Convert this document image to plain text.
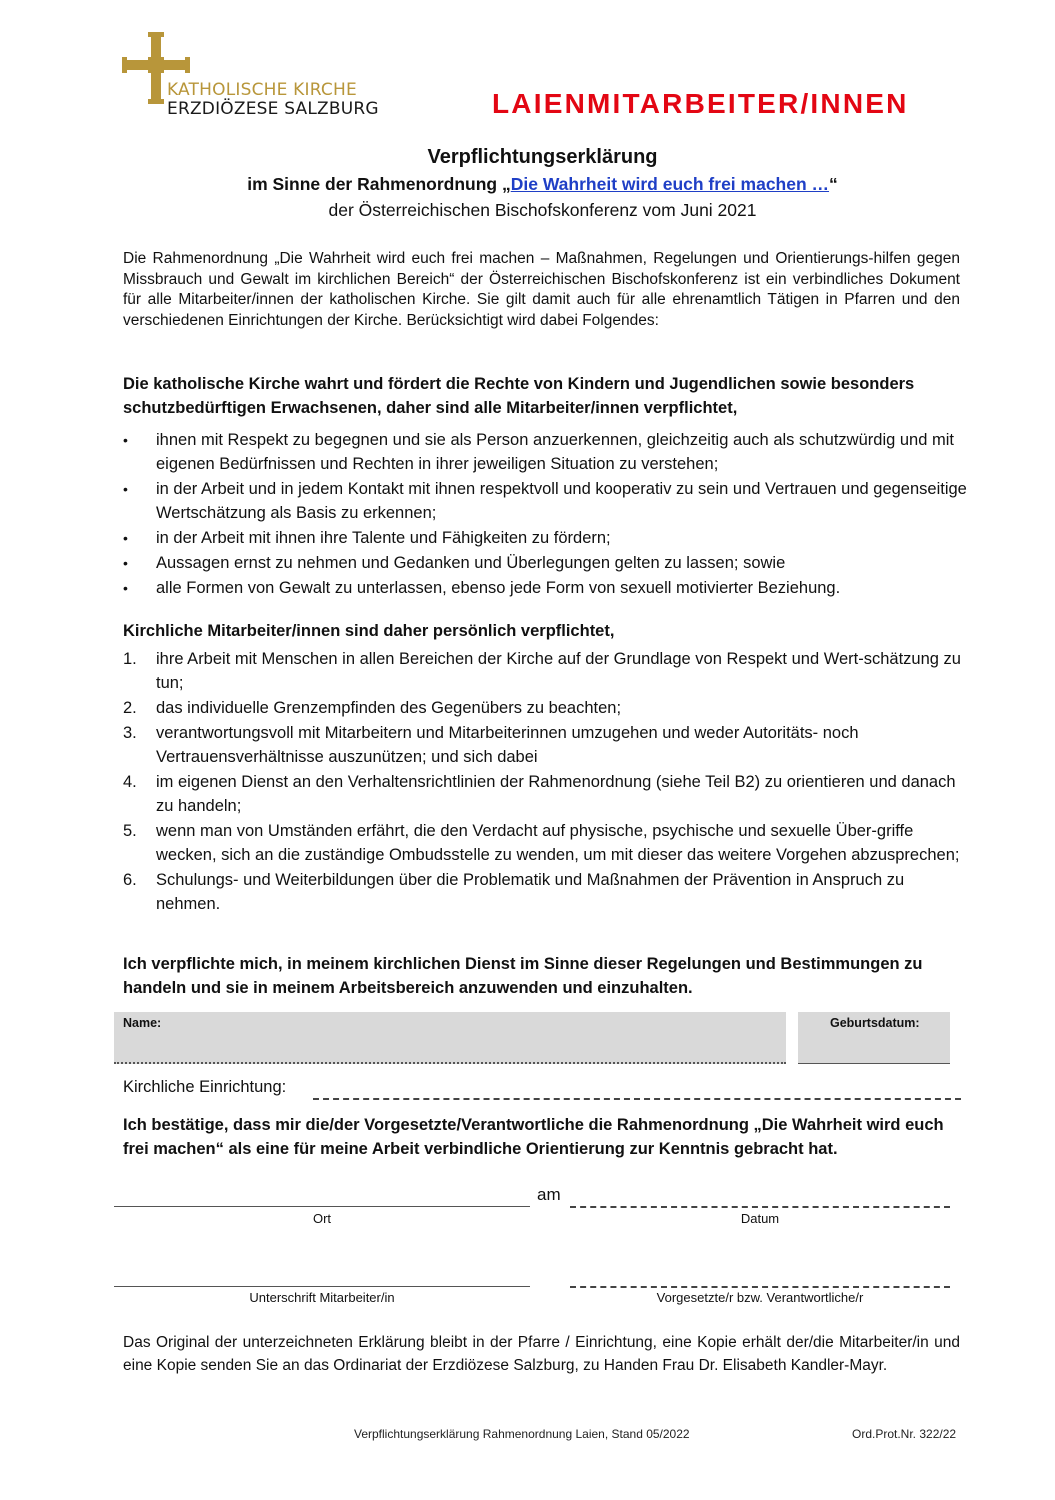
KATHOLISCHE KIRCHE
ERZDIÖZESE SALZBURG	LAIENMITARBEITER/INNEN
Verpflichtungserklärung
im Sinne der Rahmenordnung „Die Wahrheit wird euch frei machen …“
der Österreichischen Bischofskonferenz vom Juni 2021
Die Rahmenordnung „Die Wahrheit wird euch frei machen – Maßnahmen, Regelungen und Orientierungs-hilfen gegen Missbrauch und Gewalt im kirchlichen Bereich“ der Österreichischen Bischofskonferenz ist ein verbindliches Dokument für alle Mitarbeiter/innen der katholischen Kirche. Sie gilt damit auch für alle ehrenamtlich Tätigen in Pfarren und den verschiedenen Einrichtungen der Kirche. Berücksichtigt wird dabei Folgendes:
Die katholische Kirche wahrt und fördert die Rechte von Kindern und Jugendlichen sowie besonders schutzbedürftigen Erwachsenen, daher sind alle Mitarbeiter/innen verpflichtet,
•	ihnen mit Respekt zu begegnen und sie als Person anzuerkennen, gleichzeitig auch als schutzwürdig und mit eigenen Bedürfnissen und Rechten in ihrer jeweiligen Situation zu verstehen;
•	in der Arbeit und in jedem Kontakt mit ihnen respektvoll und kooperativ zu sein und Vertrauen und gegenseitige Wertschätzung als Basis zu erkennen;
•	in der Arbeit mit ihnen ihre Talente und Fähigkeiten zu fördern;
•	Aussagen ernst zu nehmen und Gedanken und Überlegungen gelten zu lassen; sowie
•	alle Formen von Gewalt zu unterlassen, ebenso jede Form von sexuell motivierter Beziehung.
Kirchliche Mitarbeiter/innen sind daher persönlich verpflichtet,
1.	ihre Arbeit mit Menschen in allen Bereichen der Kirche auf der Grundlage von Respekt und Wert-schätzung zu tun;
2.	das individuelle Grenzempfinden des Gegenübers zu beachten;
3.	verantwortungsvoll mit Mitarbeitern und Mitarbeiterinnen umzugehen und weder Autoritäts- noch Vertrauensverhältnisse auszunützen; und sich dabei
4.	im eigenen Dienst an den Verhaltensrichtlinien der Rahmenordnung (siehe Teil B2) zu orientieren und danach zu handeln;
5.	wenn man von Umständen erfährt, die den Verdacht auf physische, psychische und sexuelle Über-griffe wecken, sich an die zuständige Ombudsstelle zu wenden, um mit dieser das weitere Vorgehen abzusprechen;
6.	Schulungs- und Weiterbildungen über die Problematik und Maßnahmen der Prävention in Anspruch zu nehmen.
Ich verpflichte mich, in meinem kirchlichen Dienst im Sinne dieser Regelungen und Bestimmungen zu handeln und sie in meinem Arbeitsbereich anzuwenden und einzuhalten.
Name:	Geburtsdatum:
Kirchliche Einrichtung:
Ich bestätige, dass mir die/der Vorgesetzte/Verantwortliche die Rahmenordnung „Die Wahrheit wird euch frei machen“ als eine für meine Arbeit verbindliche Orientierung zur Kenntnis gebracht hat.
am
Ort	Datum
Unterschrift Mitarbeiter/in	Vorgesetzte/r bzw. Verantwortliche/r
Das Original der unterzeichneten Erklärung bleibt in der Pfarre / Einrichtung, eine Kopie erhält der/die Mitarbeiter/in und eine Kopie senden Sie an das Ordinariat der Erzdiözese Salzburg, zu Handen Frau Dr. Elisabeth Kandler-Mayr.
Verpflichtungserklärung Rahmenordnung Laien, Stand 05/2022	Ord.Prot.Nr. 322/22
